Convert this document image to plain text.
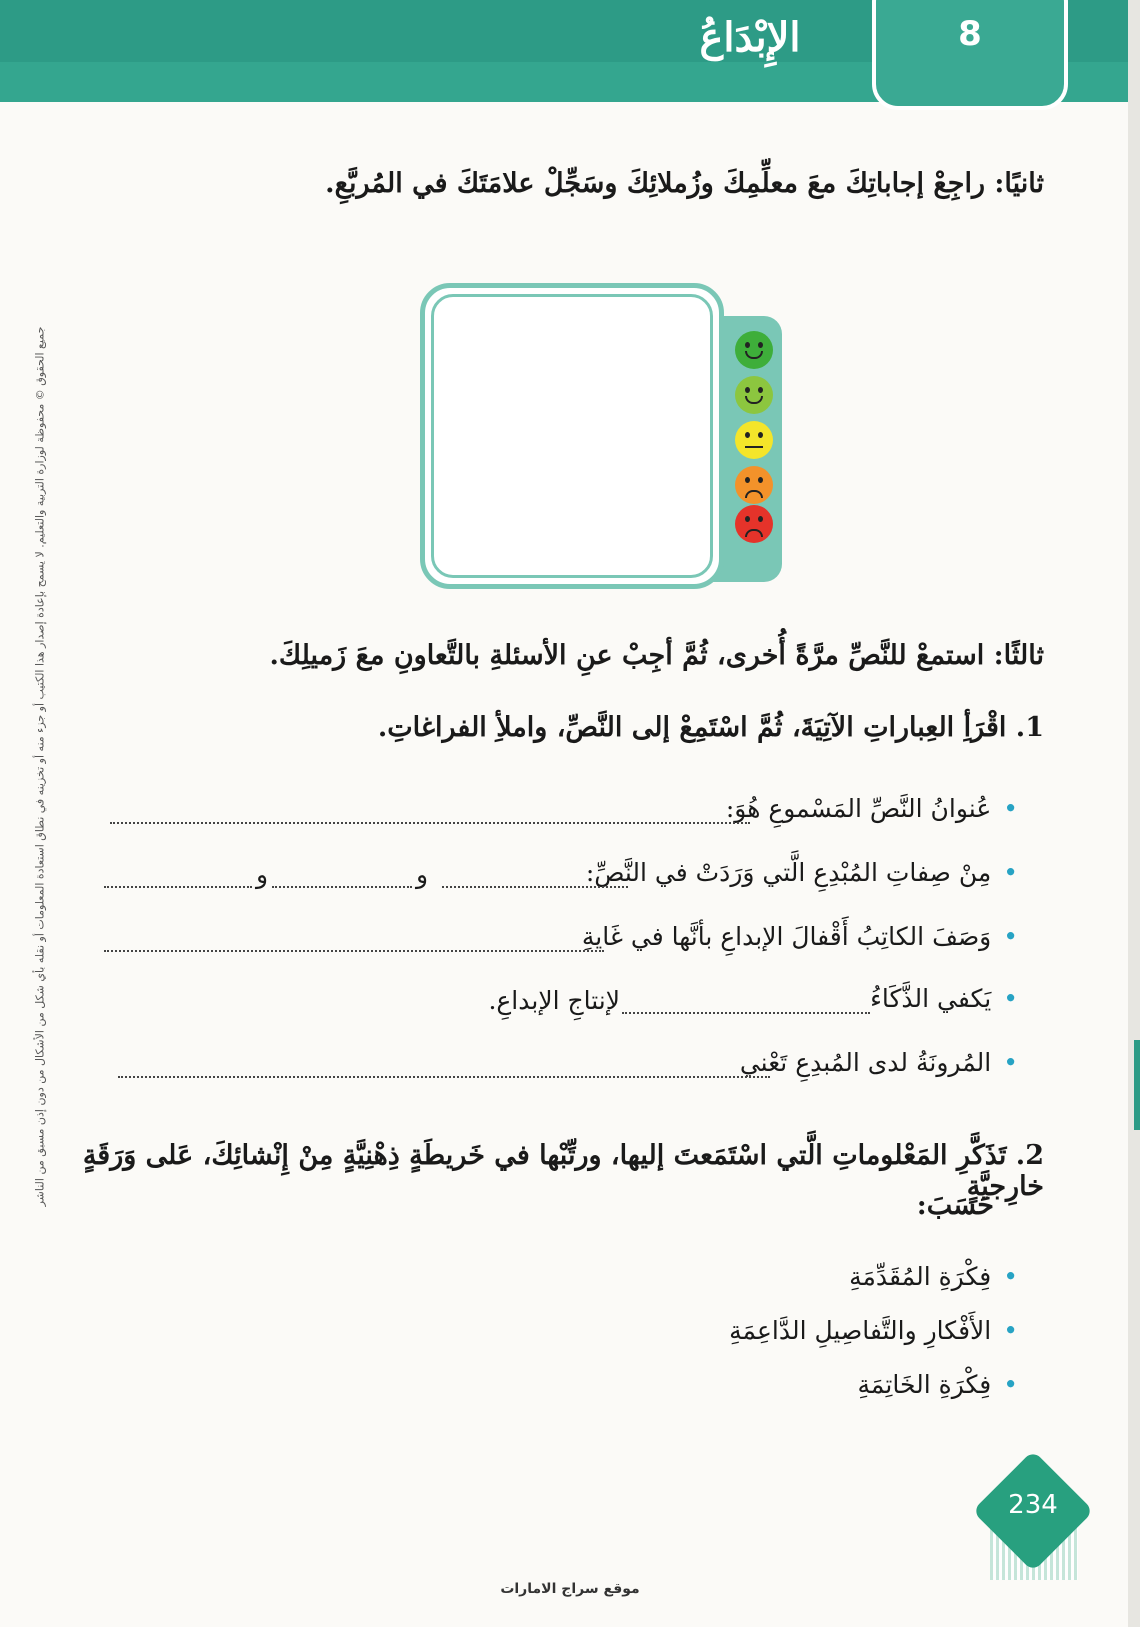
الإِبْدَاعُ	8
جميع الحقوق © محفوظة لوزارة التربية والتعليم. لا يسمح بإعادة إصدار هذا الكتيب أو جزء منه أو تخزينه في نطاق استعادة المعلومات أو نقله بأي شكل من الأشكال من دون إذن مسبق من الناشر
ثانيًا: راجِعْ إجاباتِكَ معَ معلِّمِكَ وزُملائِكَ وسَجِّلْ علامَتَكَ في المُربَّعِ.
ثالثًا: استمعْ للنَّصِّ مرَّةً أُخرى، ثُمَّ أجِبْ عنِ الأسئلةِ بالتَّعاونِ معَ زَميلِكَ.
1. اقْرَأِ العِباراتِ الآتِيَةَ، ثُمَّ اسْتَمِعْ إلى النَّصِّ، واملأِ الفراغاتِ.
•عُنوانُ النَّصِّ المَسْموعِ هُوَ:
•مِنْ صِفاتِ المُبْدِعِ الَّتي وَرَدَتْ في النَّصِّ:
و
و
•وَصَفَ الكاتِبُ أَقْفالَ الإبداعِ بأنَّها في غَايةِ
•يَكفي الذَّكَاءُ
لإنتاجِ الإبداعِ.
•المُرونَةُ لدى المُبدِعِ تَعْني
2. تَذَكَّرِ المَعْلوماتِ الَّتي اسْتَمَعتَ إليها، ورتِّبْها في خَريطَةٍ ذِهْنِيَّةٍ مِنْ إِنْشائِكَ، عَلى وَرَقَةٍ خارِجيَّةٍ
حَسَبَ:
•فِكْرَةِ المُقَدِّمَةِ
•الأَفْكارِ والتَّفاصِيلِ الدَّاعِمَةِ
•فِكْرَةِ الخَاتِمَةِ
234
موقع سراج الامارات
